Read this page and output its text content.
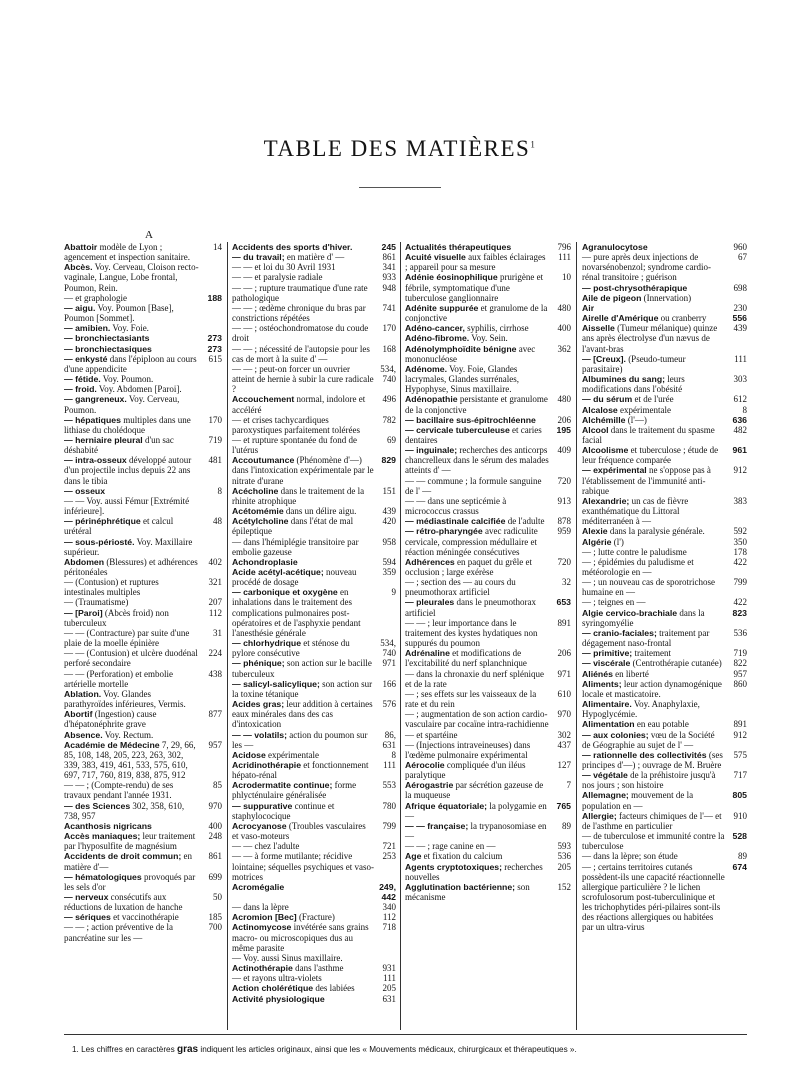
TABLE DES MATIÈRES$^1$
A
Abattoir modèle de Lyon ; agencement et inspection sanitaire.
14
Abcès. Voy. Cerveau, Cloison recto-vaginale, Langue, Lobe frontal, Poumon, Rein.
— et graphologie	188
— aigu. Voy. Poumon [Base], Poumon [Sommet].
— amibien. Voy. Foie.
— bronchiectasiants	273
— bronchiectasiques	273
— enkysté dans l'épiploon au cours d'une appendicite
615
— fétide. Voy. Poumon.
— froid. Voy. Abdomen [Paroi].
— gangreneux. Voy. Cerveau, Poumon.
— hépatiques multiples dans une lithiase du cholédoque
170
— herniaire pleural d'un sac déshabité
719
— intra-osseux développé autour d'un projectile inclus depuis 22 ans dans le tibia
481
— osseux	8
— — Voy. aussi Fémur [Extrémité inférieure].
— périnéphrétique et calcul urétéral
48
— sous-périosté. Voy. Maxillaire supérieur.
Abdomen (Blessures) et adhérences péritonéales
402
— (Contusion) et ruptures intestinales multiples
321
— (Traumatisme)	207
— [Paroi] (Abcès froid) non tuberculeux
112
— — (Contracture) par suite d'une plaie de la moelle épinière
31
— — (Contusion) et ulcère duodénal perforé secondaire
224
— — (Perforation) et embolie artérielle mortelle
438
Ablation. Voy. Glandes parathyroïdes inférieures, Vermis.
Abortif (Ingestion) cause d'hépatonéphrite grave
877
Absence. Voy. Rectum.
Académie de Médecine 7, 29, 66, 85, 108, 148, 205, 223, 263, 302, 339, 383, 419, 461, 533, 575, 610, 697, 717, 760, 819, 838, 875, 912
957
— — ; (Compte-rendu) de ses travaux pendant l'année 1931.
85
— des Sciences 302, 358, 610, 738, 957
970
Acanthosis nigricans	400
Accès maniaques; leur traitement par l'hyposulfite de magnésium
248
Accidents de droit commun; en matière d'—
861
— hématologiques provoqués par les sels d'or
699
— nerveux consécutifs aux réductions de luxation de hanche
50
— sériques et vaccinothérapie	185
— — ; action préventive de la pancréatine sur les —
700
Accidents des sports d'hiver.	245
— du travail; en matière d' —	861
— — et loi du 30 Avril 1931	341
— — et paralysie radiale	933
— — ; rupture traumatique d'une rate pathologique
948
— — ; œdème chronique du bras par constrictions répétées
741
— — ; ostéochondromatose du coude droit
170
— — ; nécessité de l'autopsie pour les cas de mort à la suite d' —
168
— — ; peut-on forcer un ouvrier atteint de hernie à subir la cure radicale ?
534, 740
Accouchement normal, indolore et accéléré
496
— et crises tachycardiques paroxystiques parfaitement tolérées
782
— et rupture spontanée du fond de l'utérus
69
Accoutumance (Phénomène d'—) dans l'intoxication expérimentale par le nitrate d'urane
829
Acécholine dans le traitement de la rhinite atrophique
151
Acétomémie dans un délire aigu.	439
Acétylcholine dans l'état de mal épileptique
420
— dans l'hémiplégie transitoire par embolie gazeuse
958
Achondroplasie	594
Acide acétyl-acétique; nouveau procédé de dosage
359
— carbonique et oxygène en inhalations dans le traitement des complications pulmonaires post-opératoires et de l'asphyxie pendant l'anesthésie générale
9
— chlorhydrique et sténose du pylore consécutive
534, 740
— phénique; son action sur le bacille tuberculeux
971
— salicyl-salicylique; son action sur la toxine tétanique
166
Acides gras; leur addition à certaines eaux minérales dans des cas d'intoxication
576
— — volatils; action du poumon sur les —
86, 631
Acidose expérimentale	8
Acridinothérapie et fonctionnement hépato-rénal
111
Acrodermatite continue; forme phlycténulaire généralisée
553
— suppurative continue et staphylococique
780
Acrocyanose (Troubles vasculaires et vaso-moteurs
799
— — chez l'adulte	721
— — à forme mutilante; récidive lointaine; séquelles psychiques et vaso-motrices
253
Acromégalie	249, 442
— dans la lèpre	340
Acromion [Bec] (Fracture)	112
Actinomycose invétérée sans grains macro- ou microscopiques dus au même parasite
718
— Voy. aussi Sinus maxillaire.
Actinothérapie dans l'asthme	931
— et rayons ultra-violets	111
Action cholérétique des labiées	205
Activité physiologique	631
Actualités thérapeutiques	796
Acuité visuelle aux faibles éclairages ; appareil pour sa mesure
111
Adénie éosinophilique prurigène et fébrile, symptomatique d'une tuberculose ganglionnaire
10
Adénite suppurée et granulome de la conjonctive
480
Adéno-cancer, syphilis, cirrhose	400
Adéno-fibrome. Voy. Sein.
Adénolymphoïdite bénigne avec mononucléose
362
Adénome. Voy. Foie, Glandes lacrymales, Glandes surrénales, Hypophyse, Sinus maxillaire.
Adénopathie persistante et granulome de la conjonctive
480
— bacillaire sus-épitrochléenne	206
— cervicale tuberculeuse et caries dentaires
195
— inguinale; recherches des anticorps chancrelleux dans le sérum des malades atteints d' —
409
— — commune ; la formule sanguine de l' —
720
— — dans une septicémie à micrococcus crassus
913
— médiastinale calcifiée de l'adulte	878
— rétro-pharyngée avec radiculite cervicale, compression médullaire et réaction méningée consécutives
959
Adhérences en paquet du grêle et occlusion ; large exérèse
720
— ; section des — au cours du pneumothorax artificiel
32
— pleurales dans le pneumothorax artificiel
653
— — ; leur importance dans le traitement des kystes hydatiques non suppurés du poumon
891
Adrénaline et modifications de l'excitabilité du nerf splanchnique
206
— dans la chronaxie du nerf splénique et de la rate
971
— ; ses effets sur les vaisseaux de la rate et du rein
610
— ; augmentation de son action cardio-vasculaire par cocaïne intra-rachidienne
970
— et spartéine	302
— (Injections intraveineuses) dans l'œdème pulmonaire expérimental
437
Aérocolie compliquée d'un iléus paralytique
127
Aérogastrie par sécrétion gazeuse de la muqueuse
7
Afrique équatoriale; la polygamie en —
765
— — française; la trypanosomiase en —
89
— — ; rage canine en —	593
Age et fixation du calcium	536
Agents cryptotoxiques; recherches nouvelles
205
Agglutination bactérienne; son mécanisme
152
Agranulocytose	960
— pure après deux injections de novarsénobenzol; syndrome cardio-rénal transitoire ; guérison
67
— post-chrysothérapique	698
Aile de pigeon (Innervation)
Air	230
Airelle d'Amérique ou cranberry	556
Aisselle (Tumeur mélanique) quinze ans après électrolyse d'un nævus de l'avant-bras
439
— [Creux]. (Pseudo-tumeur parasitaire)
111
Albumines du sang; leurs modifications dans l'obésité
303
— du sérum et de l'urée	612
Alcalose expérimentale	8
Alchémille (l'—)	636
Alcool dans le traitement du spasme facial
482
Alcoolisme et tuberculose ; étude de leur fréquence comparée
961
— expérimental ne s'oppose pas à l'établissement de l'immunité anti-rabique
912
Alexandrie; un cas de fièvre exanthématique du Littoral méditerranéen à —
383
Alexie dans la paralysie générale.	592
Algérie (l')	350
— ; lutte contre le paludisme	178
— ; épidémies du paludisme et météorologie en —
422
— ; un nouveau cas de sporotrichose humaine en —
799
— ; teignes en —	422
Algie cervico-brachiale dans la syringomyélie
823
— cranio-faciales; traitement par dégagement naso-frontal
536
— primitive; traitement	719
— viscérale (Centrothérapie cutanée)	822
Aliénés en liberté	957
Aliments; leur action dynamogénique locale et masticatoire.
860
Alimentaire. Voy. Anaphylaxie, Hypoglycémie.
Alimentation en eau potable	891
— aux colonies; vœu de la Société de Géographie au sujet de l' —
912
— rationnelle des collectivités (ses principes d'—) ; ouvrage de M. Bruère
575
— végétale de la préhistoire jusqu'à nos jours ; son histoire
717
Allemagne; mouvement de la population en —
805
Allergie; facteurs chimiques de l'— et de l'asthme en particulier
910
— de tuberculose et immunité contre la tuberculose
528
— dans la lèpre; son étude	89
— ; certains territoires cutanés possèdent-ils une capacité réactionnelle allergique particulière ? le lichen scrofulosorum post-tuberculinique et les trichophytides péri-pilaires sont-ils des réactions allergiques ou habitées par un ultra-virus
674
1. Les chiffres en caractères gras indiquent les articles originaux, ainsi que les « Mouvements médicaux, chirurgicaux et thérapeutiques ».
